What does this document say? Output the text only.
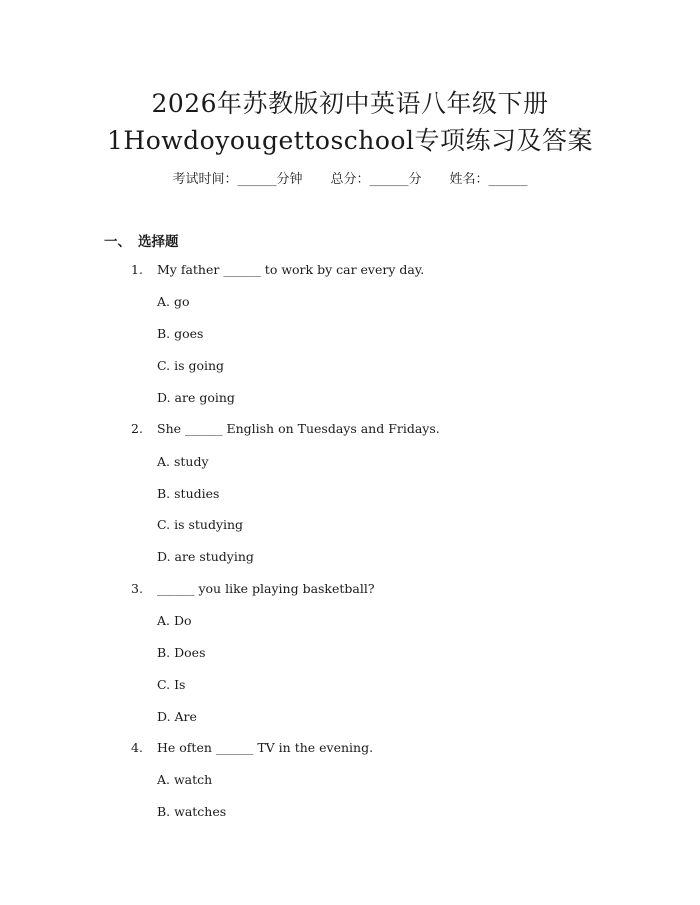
2026年苏教版初中英语八年级下册
1Howdoyougettoschool专项练习及答案
考试时间：______分钟 总分：______分 姓名：______
一、 选择题
1. My father ______ to work by car every day.
A. go
B. goes
C. is going
D. are going
2. She ______ English on Tuesdays and Fridays.
A. study
B. studies
C. is studying
D. are studying
3. ______ you like playing basketball?
A. Do
B. Does
C. Is
D. Are
4. He often ______ TV in the evening.
A. watch
B. watches
